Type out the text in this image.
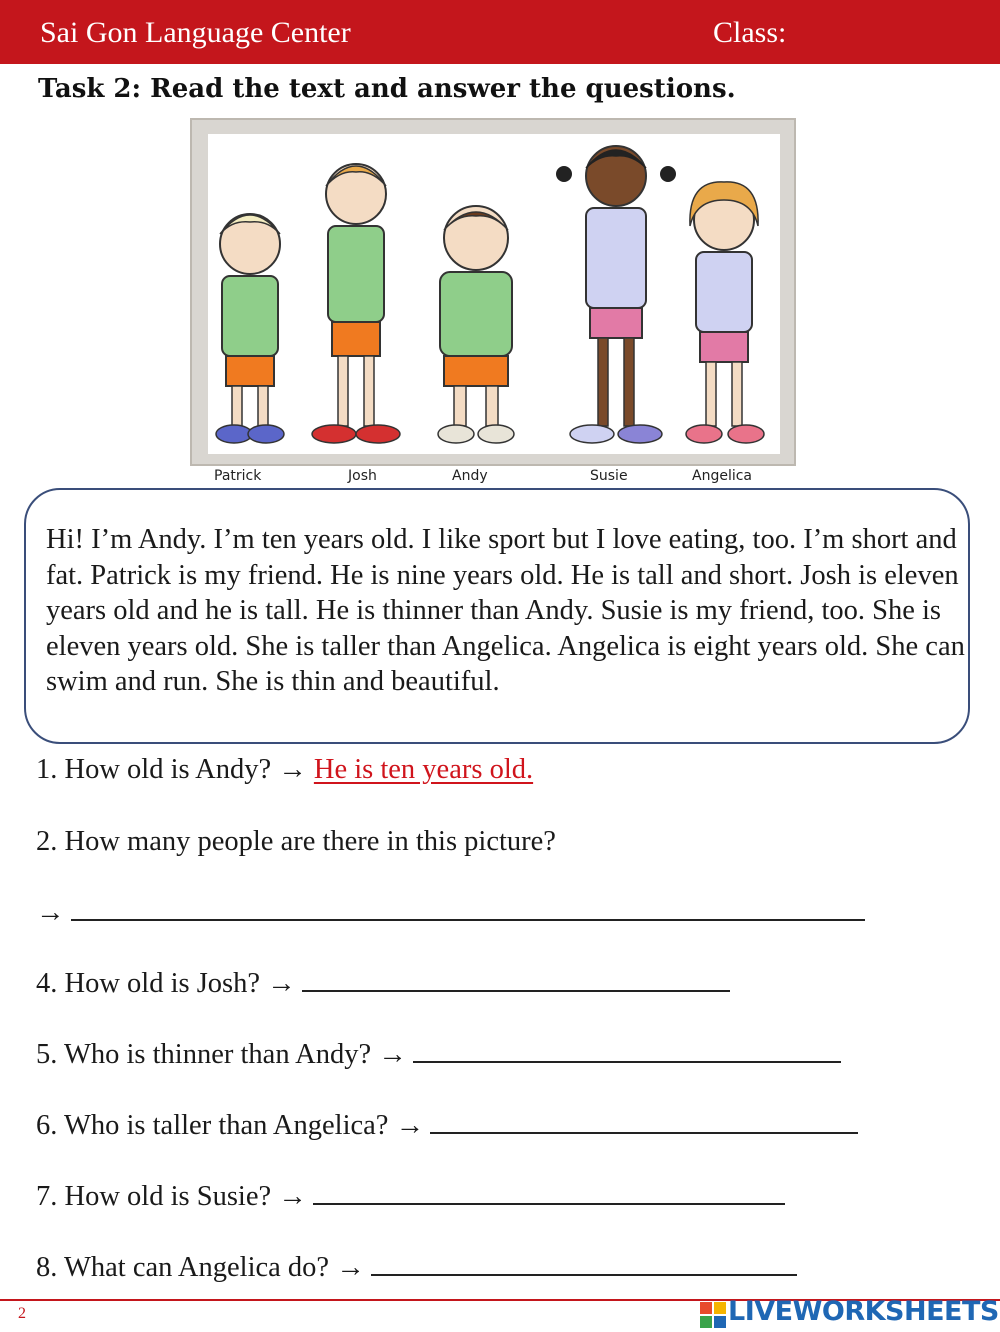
Sai Gon Language Center	Class:
Task 2: Read the text and answer the questions.
Patrick	Josh	Andy	Susie	Angelica

Hi! I’m Andy. I’m ten years old. I like sport but I love eating, too. I’m short and fat. Patrick is my friend. He is nine years old. He is tall and short. Josh is eleven years old and he is tall. He is thinner than Andy. Susie is my friend, too. She is eleven years old. She is taller than Angelica. Angelica is eight years old. She can swim and run. She is thin and beautiful.

1. How old is Andy? → He is ten years old.
2. How many people are there in this picture?
→
4. How old is Josh? →
5. Who is thinner than Andy? →
6. Who is taller than Angelica? →
7. How old is Susie? →
8. What can Angelica do? →
2	LIVEWORKSHEETS
